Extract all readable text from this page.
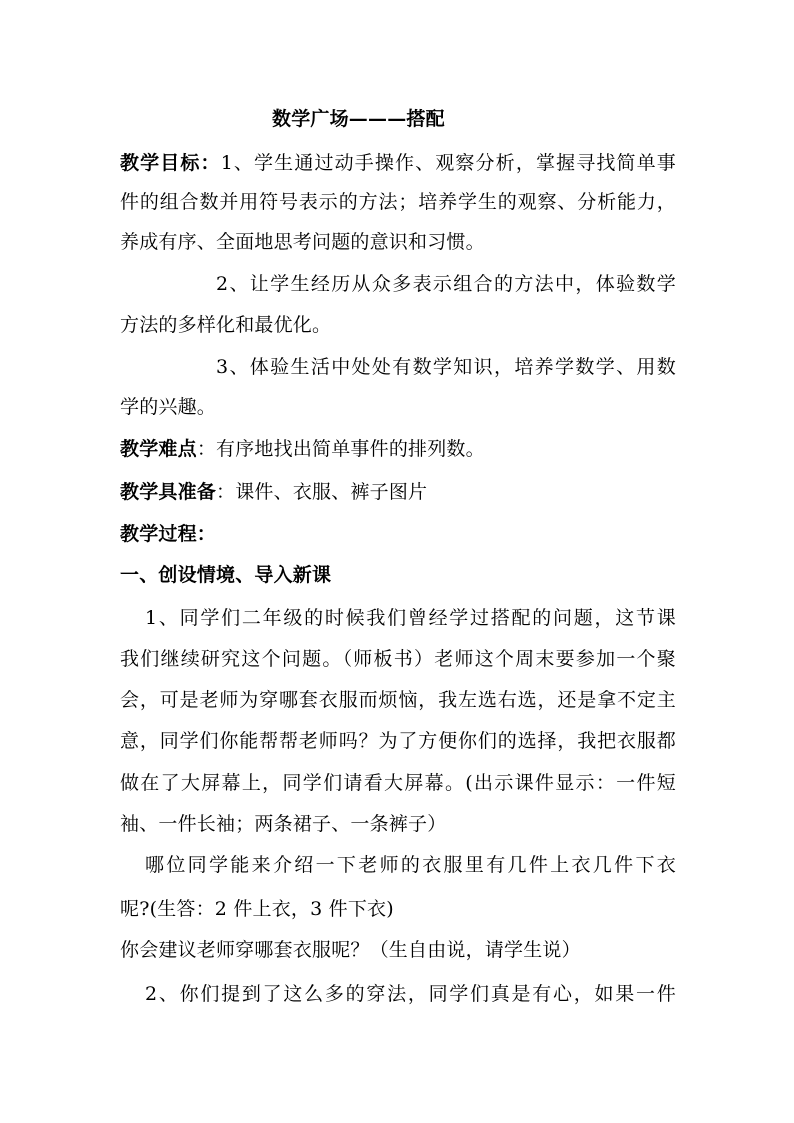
数学广场———搭配
教学目标：1、学生通过动手操作、观察分析，掌握寻找简单事
件的组合数并用符号表示的方法；培养学生的观察、分析能力，
养成有序、全面地思考问题的意识和习惯。
2、让学生经历从众多表示组合的方法中，体验数学
方法的多样化和最优化。
3、体验生活中处处有数学知识，培养学数学、用数
学的兴趣。
教学难点：有序地找出简单事件的排列数。
教学具准备：课件、衣服、裤子图片
教学过程：
一、创设情境、导入新课
1、同学们二年级的时候我们曾经学过搭配的问题，这节课
我们继续研究这个问题。（师板书）老师这个周末要参加一个聚
会，可是老师为穿哪套衣服而烦恼，我左选右选，还是拿不定主
意，同学们你能帮帮老师吗？为了方便你们的选择，我把衣服都
做在了大屏幕上，同学们请看大屏幕。(出示课件显示：一件短
袖、一件长袖；两条裙子、一条裤子）
哪位同学能来介绍一下老师的衣服里有几件上衣几件下衣
呢?(生答：2 件上衣，3 件下衣)
你会建议老师穿哪套衣服呢？（生自由说，请学生说）
2、你们提到了这么多的穿法，同学们真是有心，如果一件
